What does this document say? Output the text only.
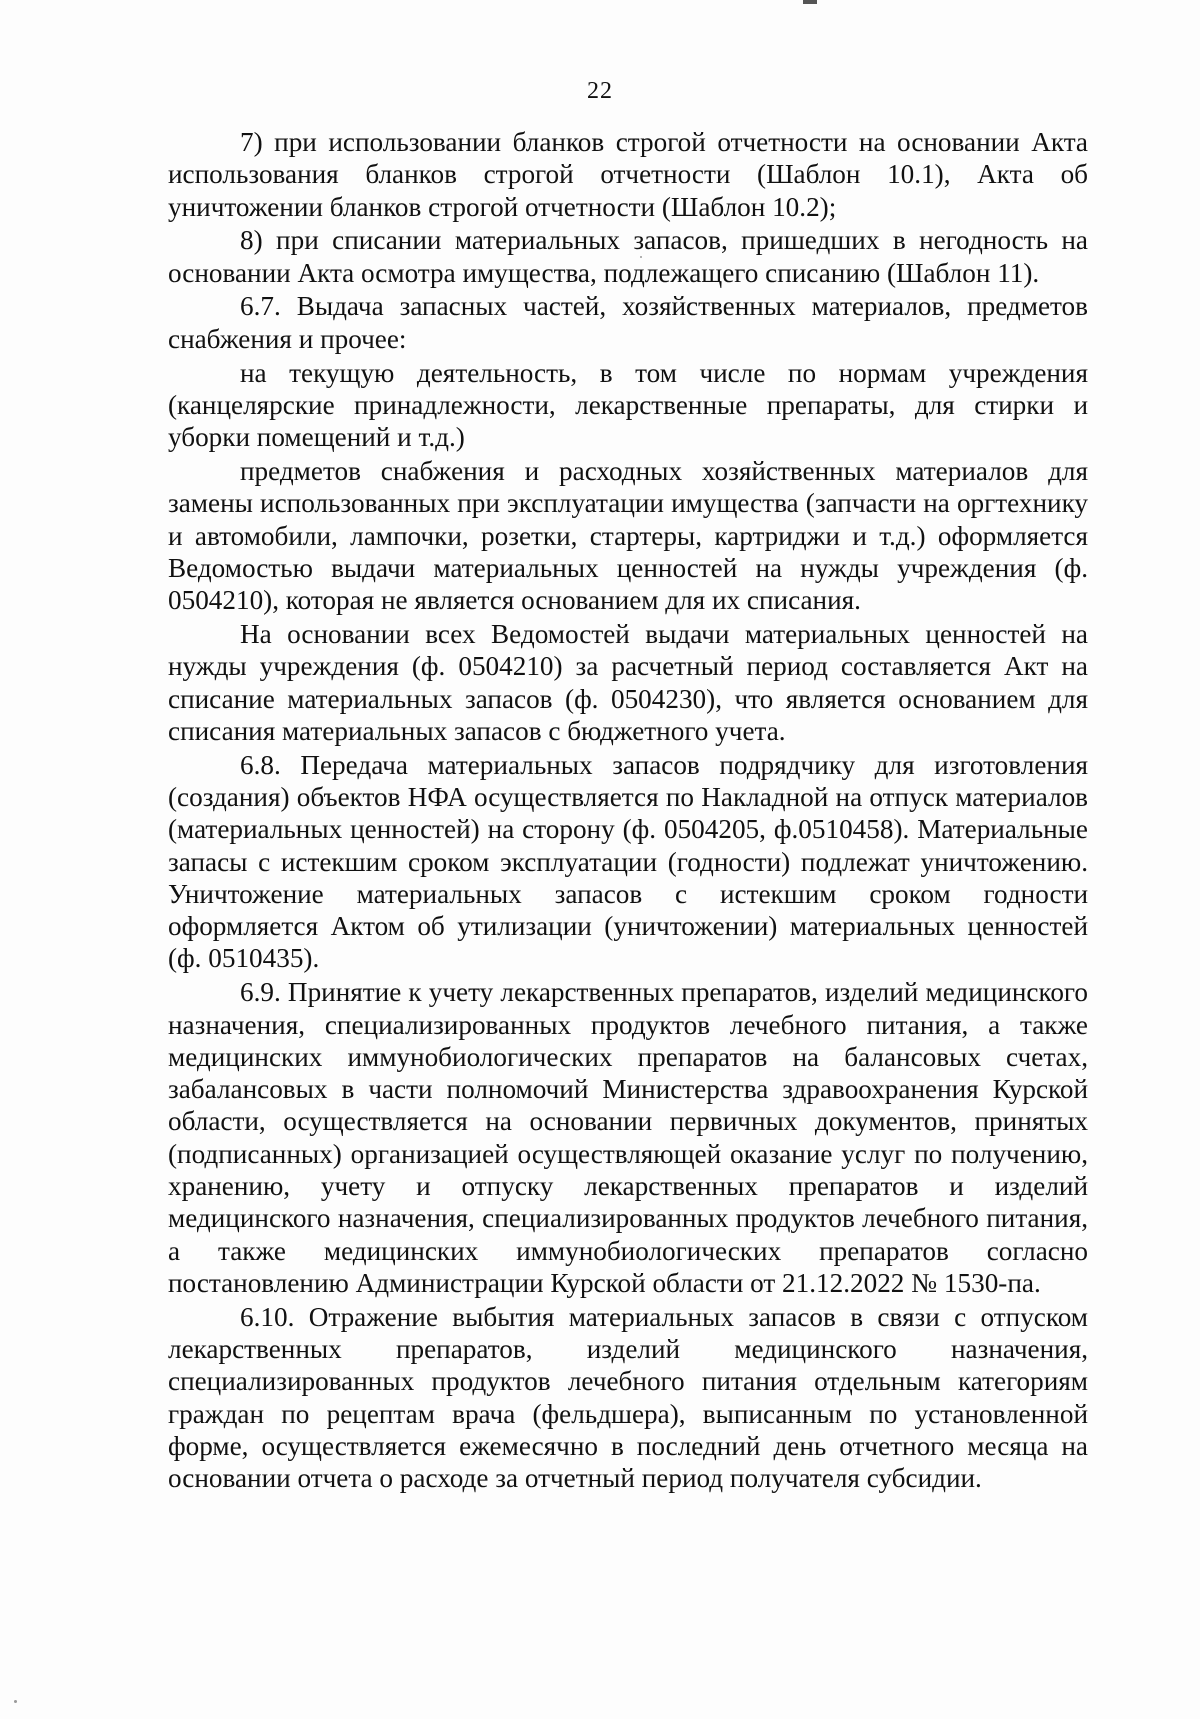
22

7) при использовании бланков строгой отчетности на основании Акта использования бланков строгой отчетности (Шаблон 10.1), Акта об уничтожении бланков строгой отчетности (Шаблон 10.2);

8) при списании материальных запасов, пришедших в негодность на основании Акта осмотра имущества, подлежащего списанию (Шаблон 11).

6.7. Выдача запасных частей, хозяйственных материалов, предметов снабжения и прочее:

на текущую деятельность, в том числе по нормам учреждения (канцелярские принадлежности, лекарственные препараты, для стирки и уборки помещений и т.д.)

предметов снабжения и расходных хозяйственных материалов для замены использованных при эксплуатации имущества (запчасти на оргтехнику и автомобили, лампочки, розетки, стартеры, картриджи и т.д.) оформляется Ведомостью выдачи материальных ценностей на нужды учреждения (ф. 0504210), которая не является основанием для их списания.

На основании всех Ведомостей выдачи материальных ценностей на нужды учреждения (ф. 0504210) за расчетный период составляется Акт на списание материальных запасов (ф. 0504230), что является основанием для списания материальных запасов с бюджетного учета.

6.8. Передача материальных запасов подрядчику для изготовления (создания) объектов НФА осуществляется по Накладной на отпуск материалов (материальных ценностей) на сторону (ф. 0504205, ф.0510458). Материальные запасы с истекшим сроком эксплуатации (годности) подлежат уничтожению. Уничтожение материальных запасов с истекшим сроком годности оформляется Актом об утилизации (уничтожении) материальных ценностей (ф. 0510435).

6.9. Принятие к учету лекарственных препаратов, изделий медицинского назначения, специализированных продуктов лечебного питания, а также медицинских иммунобиологических препаратов на балансовых счетах, забалансовых в части полномочий Министерства здравоохранения Курской области, осуществляется на основании первичных документов, принятых (подписанных) организацией осуществляющей оказание услуг по получению, хранению, учету и отпуску лекарственных препаратов и изделий медицинского назначения, специализированных продуктов лечебного питания, а также медицинских иммунобиологических препаратов согласно постановлению Администрации Курской области от 21.12.2022 № 1530-па.

6.10. Отражение выбытия материальных запасов в связи с отпуском лекарственных препаратов, изделий медицинского назначения, специализированных продуктов лечебного питания отдельным категориям граждан по рецептам врача (фельдшера), выписанным по установленной форме, осуществляется ежемесячно в последний день отчетного месяца на основании отчета о расходе за отчетный период получателя субсидии.
